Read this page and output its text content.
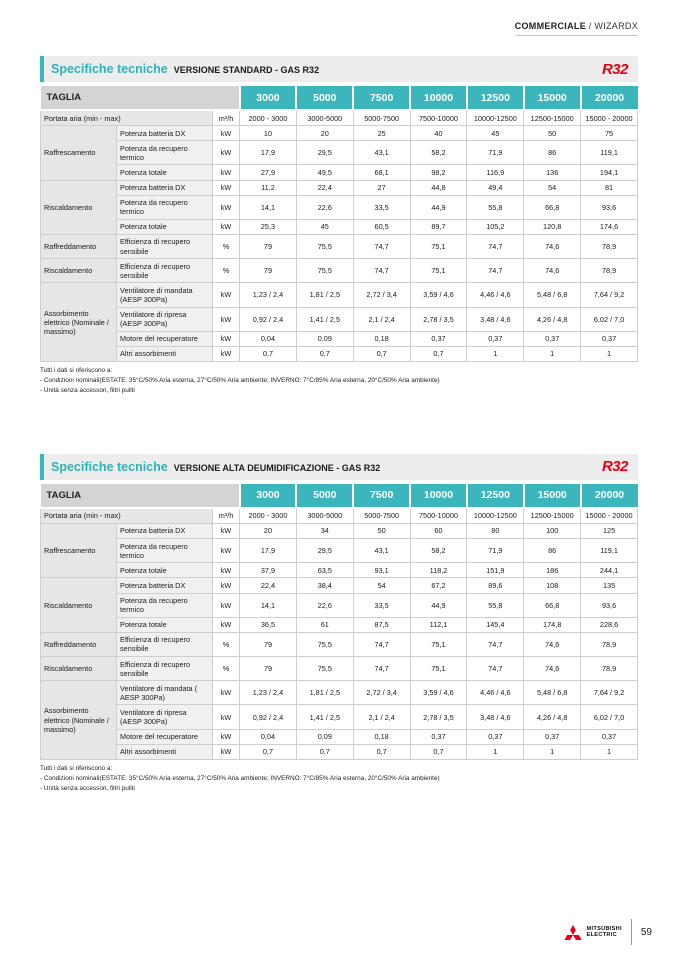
COMMERCIALE / WIZARDX
Specifiche tecniche VERSIONE STANDARD - GAS R32	R32
TAGLIA			3000	5000	7500	10000	12500	15000	20000
Portata aria (min - max)		m³/h	2000 - 3000	3000-5000	5000-7500	7500-10000	10000-12500	12500-15000	15000 - 20000
Raffrescamento	Potenza batteria DX	kW	10	20	25	40	45	50	75
	Potenza da recupero termico	kW	17,9	29,5	43,1	58,2	71,9	86	119,1
	Potenza totale	kW	27,9	49,5	68,1	98,2	116,9	136	194,1
Riscaldamento	Potenza batteria DX	kW	11,2	22,4	27	44,8	49,4	54	81
	Potenza da recupero termico	kW	14,1	22,6	33,5	44,9	55,8	66,8	93,6
	Potenza totale	kW	25,3	45	60,5	89,7	105,2	120,8	174,6
Raffreddamento	Efficienza di recupero sensibile	%	79	75,5	74,7	75,1	74,7	74,6	78,9
Riscaldamento	Efficienza di recupero sensibile	%	79	75,5	74,7	75,1	74,7	74,6	78,9
Assorbimento elettrico (Nominale / massimo)	Ventilatore di mandata (AESP 300Pa)	kW	1,23 / 2,4	1,81 / 2,5	2,72 / 3,4	3,59 / 4,6	4,46 / 4,6	5,48 / 6,8	7,64 / 9,2
	Ventilatore di ripresa (AESP 300Pa)	kW	0,92 / 2,4	1,41 / 2,5	2,1 / 2,4	2,78 / 3,5	3,48 / 4,6	4,26 / 4,8	6,02 / 7,0
	Motore del recuperatore	kW	0,04	0,09	0,18	0,37	0,37	0,37	0,37
	Altri assorbimenti	kW	0,7	0,7	0,7	0,7	1	1	1
Tutti i dati si riferiscono a:
- Condizioni nominali(ESTATE: 35°C/50% Aria esterna, 27°C/50% Aria ambiente; INVERNO: 7°C/85% Aria esterna, 20°C/50% Aria ambiente)
- Unità senza accessori, filtri puliti
Specifiche tecniche VERSIONE ALTA DEUMIDIFICAZIONE - GAS R32	R32
TAGLIA			3000	5000	7500	10000	12500	15000	20000
Portata aria (min - max)		m³/h	2000 - 3000	3000-5000	5000-7500	7500-10000	10000-12500	12500-15000	15000 - 20000
Raffrescamento	Potenza batteria DX	kW	20	34	50	60	80	100	125
	Potenza da recupero termico	kW	17,9	29,5	43,1	58,2	71,9	86	119,1
	Potenza totale	kW	37,9	63,5	93,1	118,2	151,9	186	244,1
Riscaldamento	Potenza batteria DX	kW	22,4	38,4	54	67,2	89,6	108	135
	Potenza da recupero termico	kW	14,1	22,6	33,5	44,9	55,8	66,8	93,6
	Potenza totale	kW	36,5	61	87,5	112,1	145,4	174,8	228,6
Raffreddamento	Efficienza di recupero sensibile	%	79	75,5	74,7	75,1	74,7	74,6	78,9
Riscaldamento	Efficienza di recupero sensibile	%	79	75,5	74,7	75,1	74,7	74,6	78,9
Assorbimento elettrico (Nominale / massimo)	Ventilatore di mandata ( AESP 300Pa)	kW	1,23 / 2,4	1,81 / 2,5	2,72 / 3,4	3,59 / 4,6	4,46 / 4,6	5,48 / 6,8	7,64 / 9,2
	Ventilatore di ripresa (AESP 300Pa)	kW	0,92 / 2,4	1,41 / 2,5	2,1 / 2,4	2,78 / 3,5	3,48 / 4,6	4,26 / 4,8	6,02 / 7,0
	Motore del recuperatore	kW	0,04	0,09	0,18	0,37	0,37	0,37	0,37
	Altri assorbimenti	kW	0,7	0,7	0,7	0,7	1	1	1
Tutti i dati si riferiscono a:
- Condizioni nominali(ESTATE: 35°C/50% Aria esterna, 27°C/50% Aria ambiente; INVERNO: 7°C/85% Aria esterna, 20°C/50% Aria ambiente)
- Unità senza accessori, filtri puliti
MITSUBISHI
ELECTRIC	59
